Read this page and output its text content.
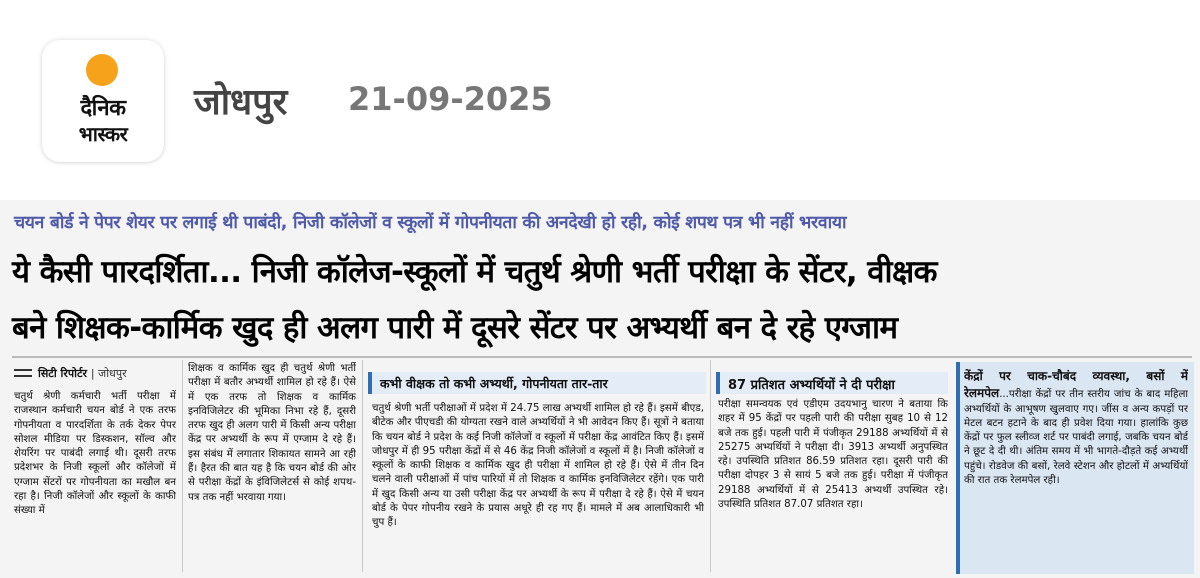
दैनिक
भास्कर
जोधपुर 21-09-2025
चयन बोर्ड ने पेपर शेयर पर लगाई थी पाबंदी, निजी कॉलेजों व स्कूलों में गोपनीयता की अनदेखी हो रही, कोई शपथ पत्र भी नहीं भरवाया
ये कैसी पारदर्शिता... निजी कॉलेज-स्कूलों में चतुर्थ श्रेणी भर्ती परीक्षा के सेंटर, वीक्षक
बने शिक्षक-कार्मिक खुद ही अलग पारी में दूसरे सेंटर पर अभ्यर्थी बन दे रहे एग्जाम
सिटी रिपोर्टर | जोधपुर
चतुर्थ श्रेणी कर्मचारी भर्ती परीक्षा में राजस्थान कर्मचारी चयन बोर्ड ने एक तरफ गोपनीयता व पारदर्शिता के तर्क देकर पेपर सोशल मीडिया पर डिस्कशन, सॉल्व और शेयरिंग पर पाबंदी लगाई थी। दूसरी तरफ प्रदेशभर के निजी स्कूलों और कॉलेजों में एग्जाम सेंटरों पर गोपनीयता का मखौल बन रहा है। निजी कॉलेजों और स्कूलों के काफी संख्या में
शिक्षक व कार्मिक खुद ही चतुर्थ श्रेणी भर्ती परीक्षा में बतौर अभ्यर्थी शामिल हो रहे हैं। ऐसे में एक तरफ तो शिक्षक व कार्मिक इनविजिलेटर की भूमिका निभा रहे हैं, दूसरी तरफ खुद ही अलग पारी में किसी अन्य परीक्षा केंद्र पर अभ्यर्थी के रूप में एग्जाम दे रहे हैं। इस संबंध में लगातार शिकायत सामने आ रही हैं। हैरत की बात यह है कि चयन बोर्ड की ओर से परीक्षा केंद्रों के इंविजिलेटर्स से कोई शपथ-पत्र तक नहीं भरवाया गया।
कभी वीक्षक तो कभी अभ्यर्थी, गोपनीयता तार-तार
चतुर्थ श्रेणी भर्ती परीक्षाओं में प्रदेश में 24.75 लाख अभ्यर्थी शामिल हो रहे हैं। इसमें बीएड, बीटेक और पीएचडी की योग्यता रखने वाले अभ्यर्थियों ने भी आवेदन किए हैं। सूत्रों ने बताया कि चयन बोर्ड ने प्रदेश के कई निजी कॉलेजों व स्कूलों में परीक्षा केंद्र आवंटित किए हैं। इसमें जोधपुर में ही 95 परीक्षा केंद्रों में से 46 केंद्र निजी कॉलेजों व स्कूलों में है। निजी कॉलेजों व स्कूलों के काफी शिक्षक व कार्मिक खुद ही परीक्षा में शामिल हो रहे हैं। ऐसे में तीन दिन चलने वाली परीक्षाओं में पांच पारियों में तो शिक्षक व कार्मिक इनविजिलेटर रहेंगे। एक पारी में खुद किसी अन्य या उसी परीक्षा केंद्र पर अभ्यर्थी के रूप में परीक्षा दे रहे हैं। ऐसे में चयन बोर्ड के पेपर गोपनीय रखने के प्रयास अधूरे ही रह गए हैं। मामले में अब आलाधिकारी भी चुप हैं।
87 प्रतिशत अभ्यर्थियों ने दी परीक्षा
परीक्षा समन्वयक एवं एडीएम उदयभानु चारण ने बताया कि शहर में 95 केंद्रों पर पहली पारी की परीक्षा सुबह 10 से 12 बजे तक हुई। पहली पारी में पंजीकृत 29188 अभ्यर्थियों में से 25275 अभ्यर्थियों ने परीक्षा दी। 3913 अभ्यर्थी अनुपस्थित रहे। उपस्थिति प्रतिशत 86.59 प्रतिशत रहा। दूसरी पारी की परीक्षा दोपहर 3 से सायं 5 बजे तक हुई। परीक्षा में पंजीकृत 29188 अभ्यर्थियों में से 25413 अभ्यर्थी उपस्थित रहे। उपस्थिति प्रतिशत 87.07 प्रतिशत रहा।
केंद्रों पर चाक-चौबंद व्यवस्था, बसों में रेलमपेल...परीक्षा केंद्रों पर तीन स्तरीय जांच के बाद महिला अभ्यर्थियों के आभूषण खुलवाए गए। जींस व अन्य कपड़ों पर मेटल बटन हटाने के बाद ही प्रवेश दिया गया। हालांकि कुछ केंद्रों पर फुल स्लीव्ज शर्ट पर पाबंदी लगाई, जबकि चयन बोर्ड ने छूट दे दी थी। अंतिम समय में भी भागते-दौड़ते कई अभ्यर्थी पहुंचे। रोडवेज की बसों, रेलवे स्टेशन और होटलों में अभ्यर्थियों की रात तक रेलमपेल रही।
